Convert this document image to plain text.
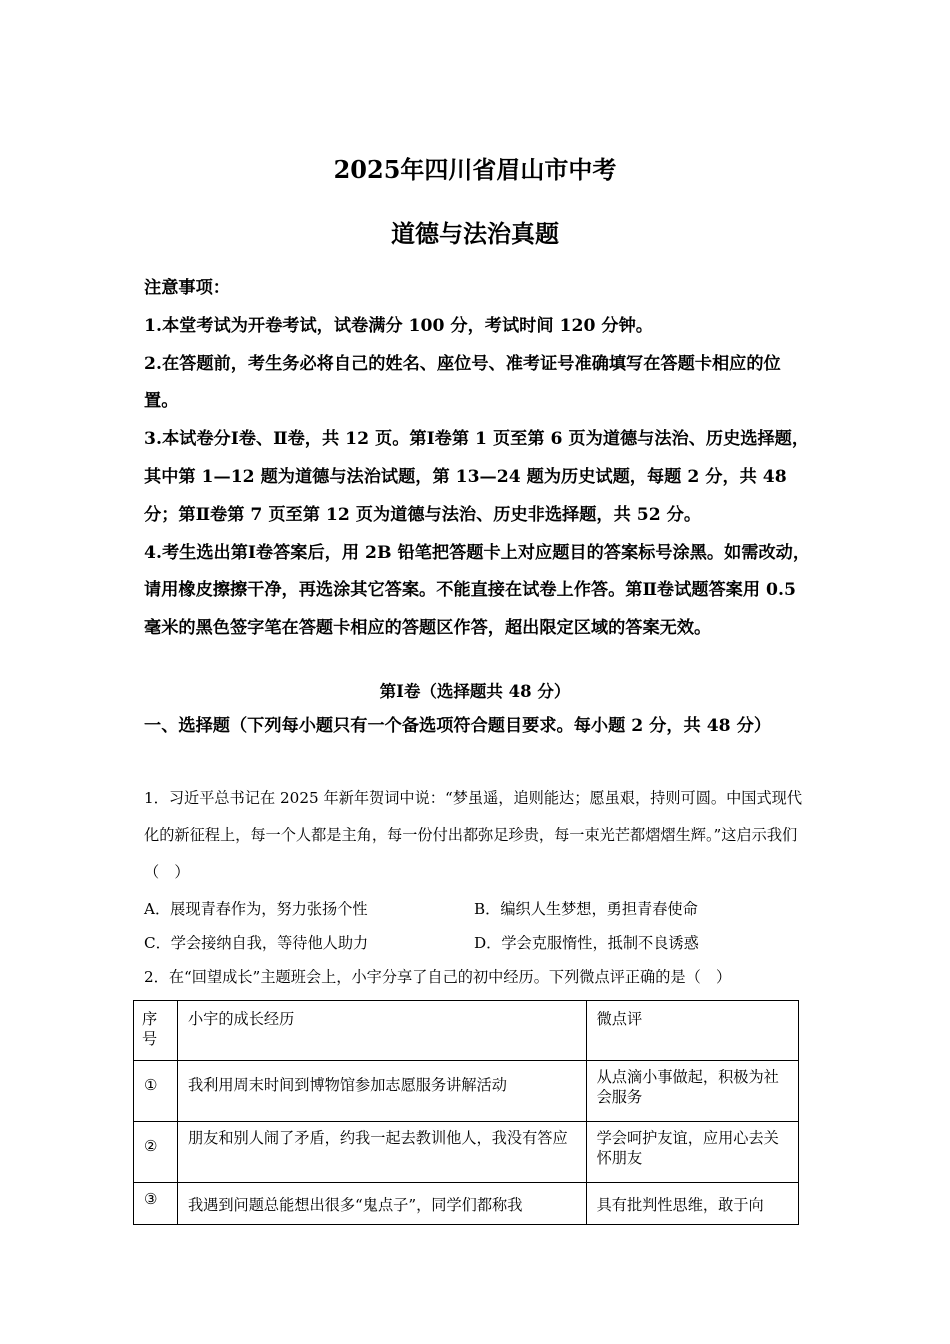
2025年四川省眉山市中考
道德与法治真题

注意事项：

1.本堂考试为开卷考试，试卷满分 100 分，考试时间 120 分钟。

2.在答题前，考生务必将自己的姓名、座位号、准考证号准确填写在答题卡相应的位置。

3.本试卷分Ⅰ卷、Ⅱ卷，共 12 页。第Ⅰ卷第 1 页至第 6 页为道德与法治、历史选择题，其中第 1—12 题为道德与法治试题，第 13—24 题为历史试题，每题 2 分，共 48 分；第Ⅱ卷第 7 页至第 12 页为道德与法治、历史非选择题，共 52 分。

4.考生选出第Ⅰ卷答案后，用 2B 铅笔把答题卡上对应题目的答案标号涂黑。如需改动，请用橡皮擦擦干净，再选涂其它答案。不能直接在试卷上作答。第Ⅱ卷试题答案用 0.5 毫米的黑色签字笔在答题卡相应的答题区作答，超出限定区域的答案无效。

第Ⅰ卷（选择题共 48 分）
一、选择题（下列每小题只有一个备选项符合题目要求。每小题 2 分，共 48 分）
1．习近平总书记在 2025 年新年贺词中说：“梦虽遥，追则能达；愿虽艰，持则可圆。中国式现代化的新征程上，每一个人都是主角，每一份付出都弥足珍贵，每一束光芒都熠熠生辉。”这启示我们（　）
A．展现青春作为，努力张扬个性	B．编织人生梦想，勇担青春使命
C．学会接纳自我，等待他人助力	D．学会克服惰性，抵制不良诱惑
2．在“回望成长”主题班会上，小宇分享了自己的初中经历。下列微点评正确的是（　）
序号	小宇的成长经历	微点评

①	我利用周末时间到博物馆参加志愿服务讲解活动	从点滴小事做起，积极为社会服务

②	朋友和别人闹了矛盾，约我一起去教训他人，我没有答应	学会呵护友谊，应用心去关怀朋友

③	我遇到问题总能想出很多“鬼点子”，同学们都称我	具有批判性思维，敢于向
